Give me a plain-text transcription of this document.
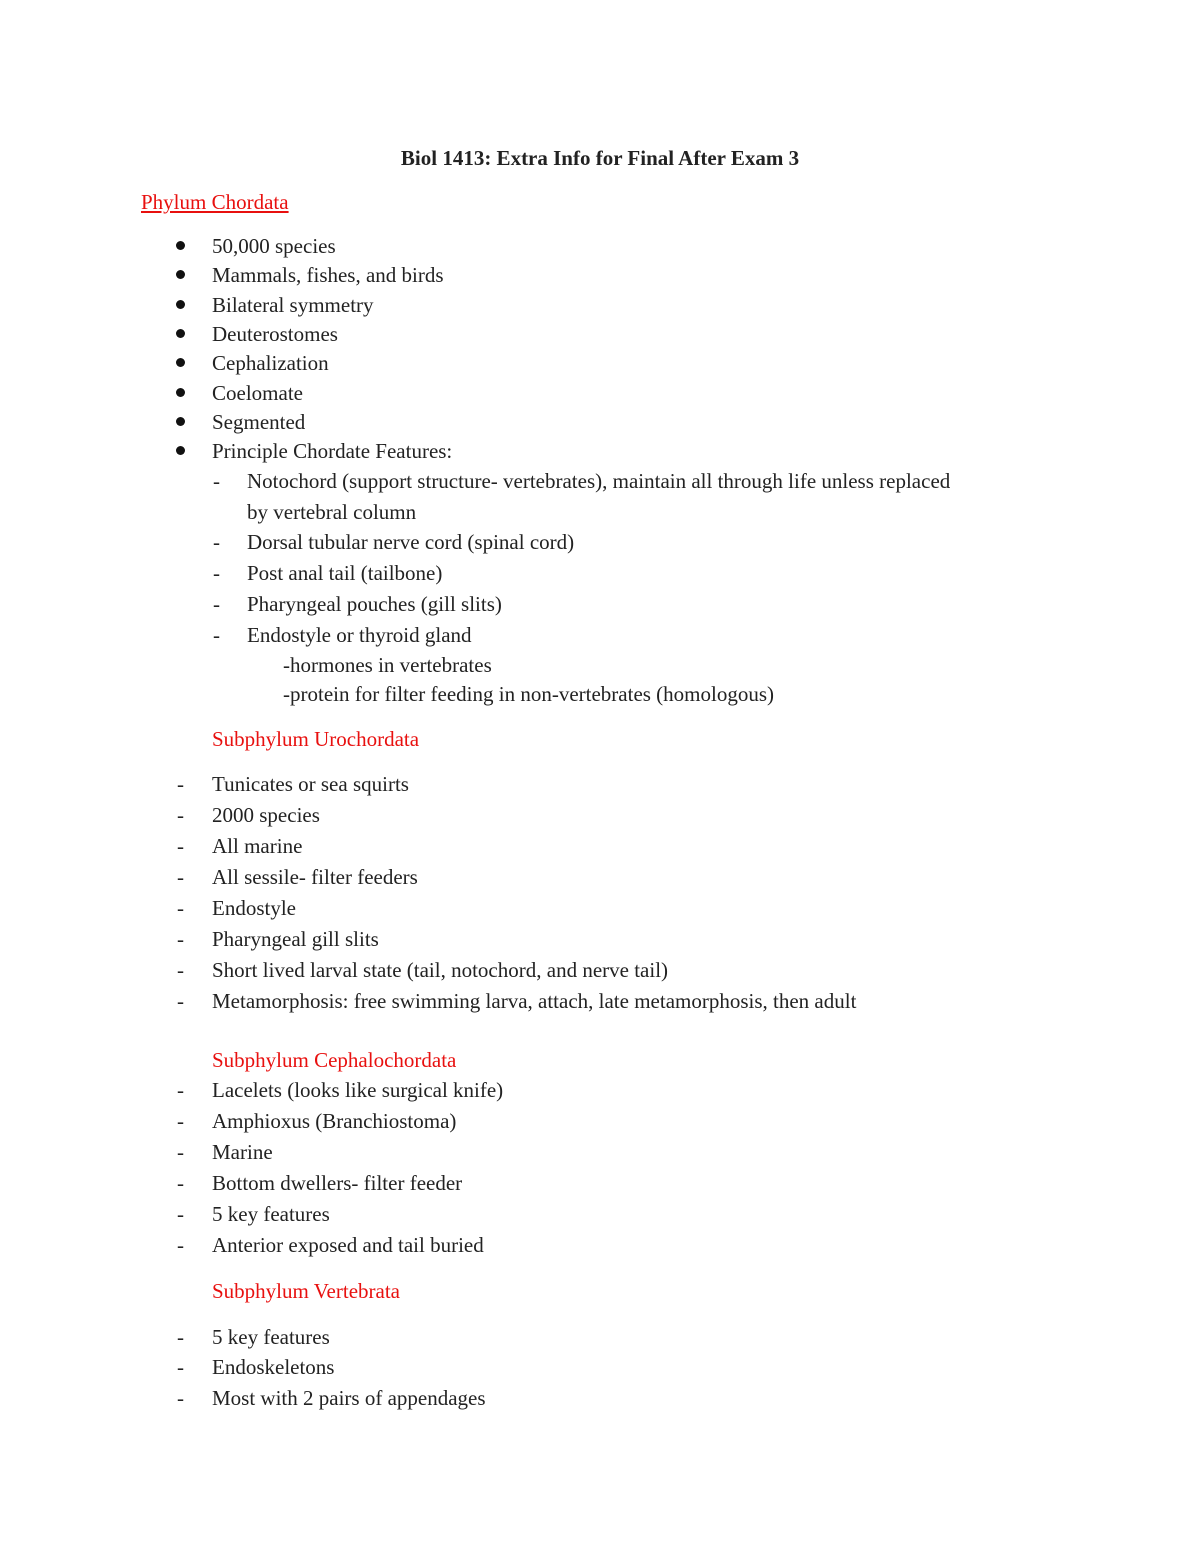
Biol 1413: Extra Info for Final After Exam 3
Phylum Chordata
50,000 species
Mammals, fishes, and birds
Bilateral symmetry
Deuterostomes
Cephalization
Coelomate
Segmented
Principle Chordate Features:
- Notochord (support structure- vertebrates), maintain all through life unless replaced
by vertebral column
- Dorsal tubular nerve cord (spinal cord)
- Post anal tail (tailbone)
- Pharyngeal pouches (gill slits)
- Endostyle or thyroid gland
-hormones in vertebrates
-protein for filter feeding in non-vertebrates (homologous)
Subphylum Urochordata
- Tunicates or sea squirts
- 2000 species
- All marine
- All sessile- filter feeders
- Endostyle
- Pharyngeal gill slits
- Short lived larval state (tail, notochord, and nerve tail)
- Metamorphosis: free swimming larva, attach, late metamorphosis, then adult
Subphylum Cephalochordata
- Lacelets (looks like surgical knife)
- Amphioxus (Branchiostoma)
- Marine
- Bottom dwellers- filter feeder
- 5 key features
- Anterior exposed and tail buried
Subphylum Vertebrata
- 5 key features
- Endoskeletons
- Most with 2 pairs of appendages
